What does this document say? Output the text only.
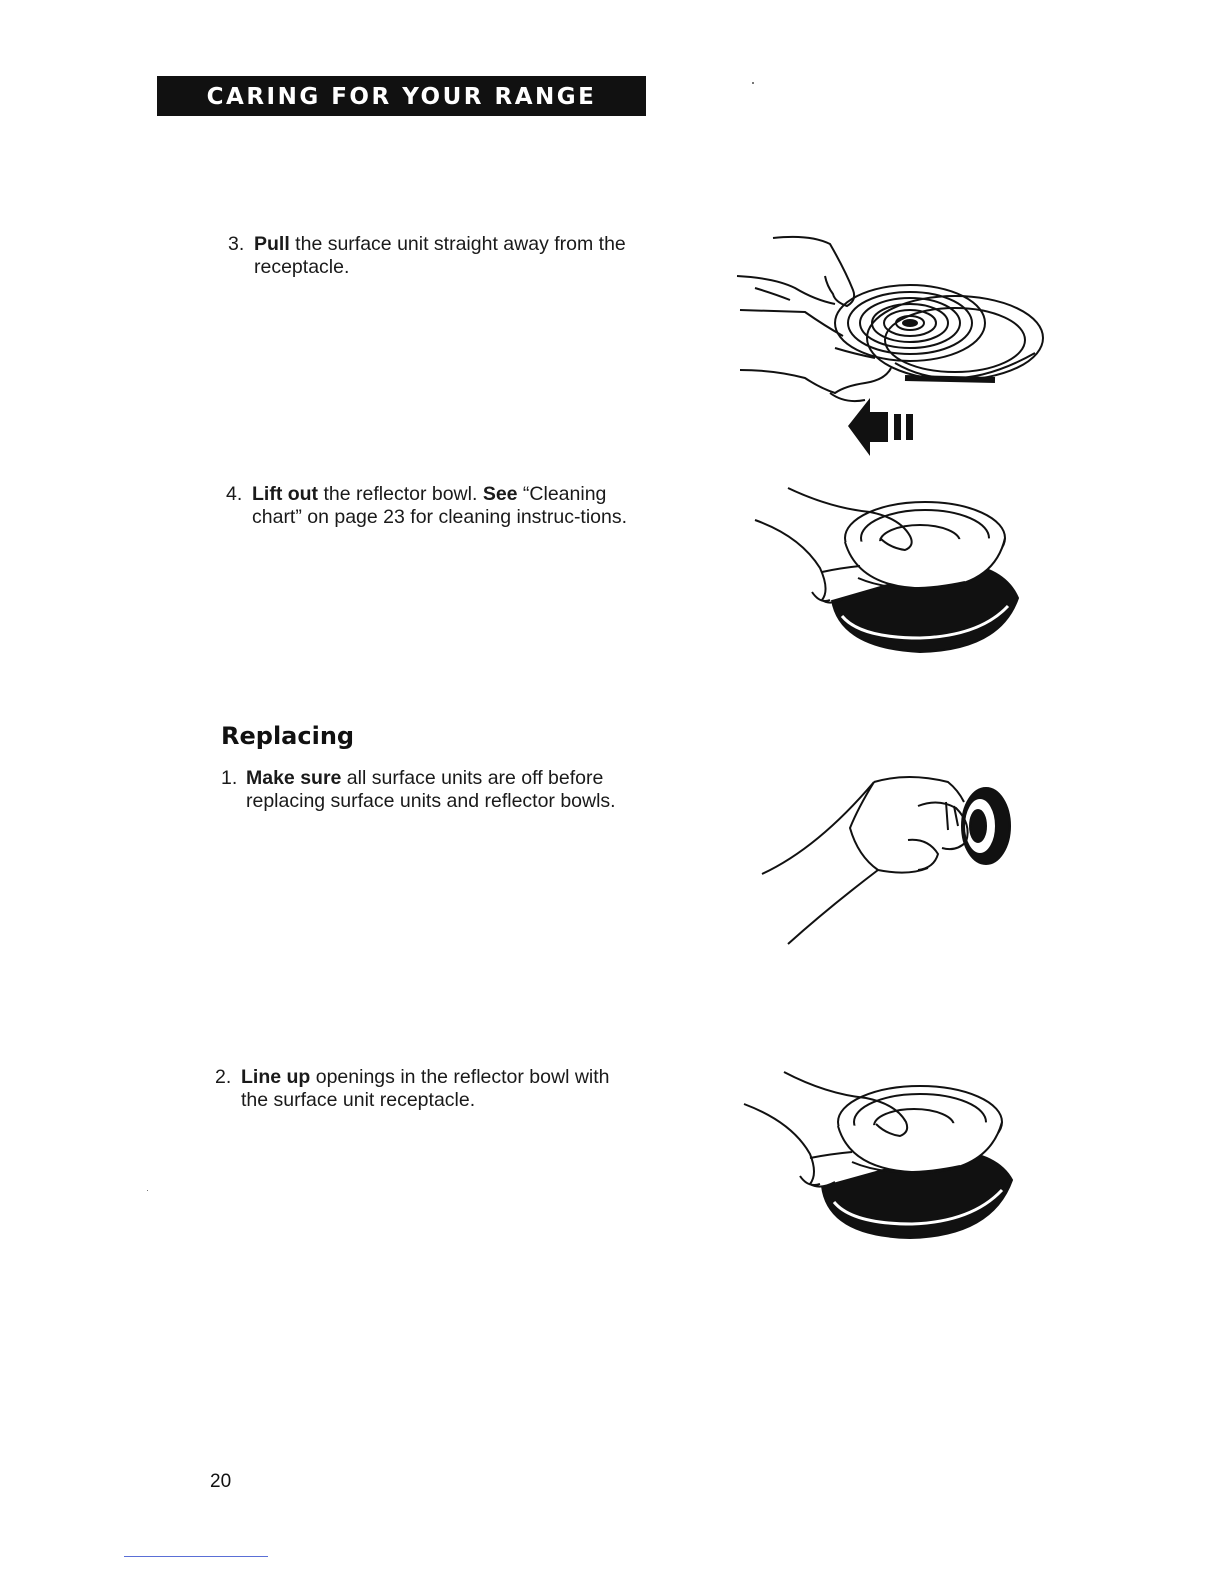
CARING FOR YOUR RANGE
3. Pull the surface unit straight away from the receptacle.
4. Lift out the reflector bowl. See “Cleaning chart” on page 23 for cleaning instruc-tions.
Replacing
1. Make sure all surface units are off before replacing surface units and reflector bowls.
2. Line up openings in the reflector bowl with the surface unit receptacle.
20
